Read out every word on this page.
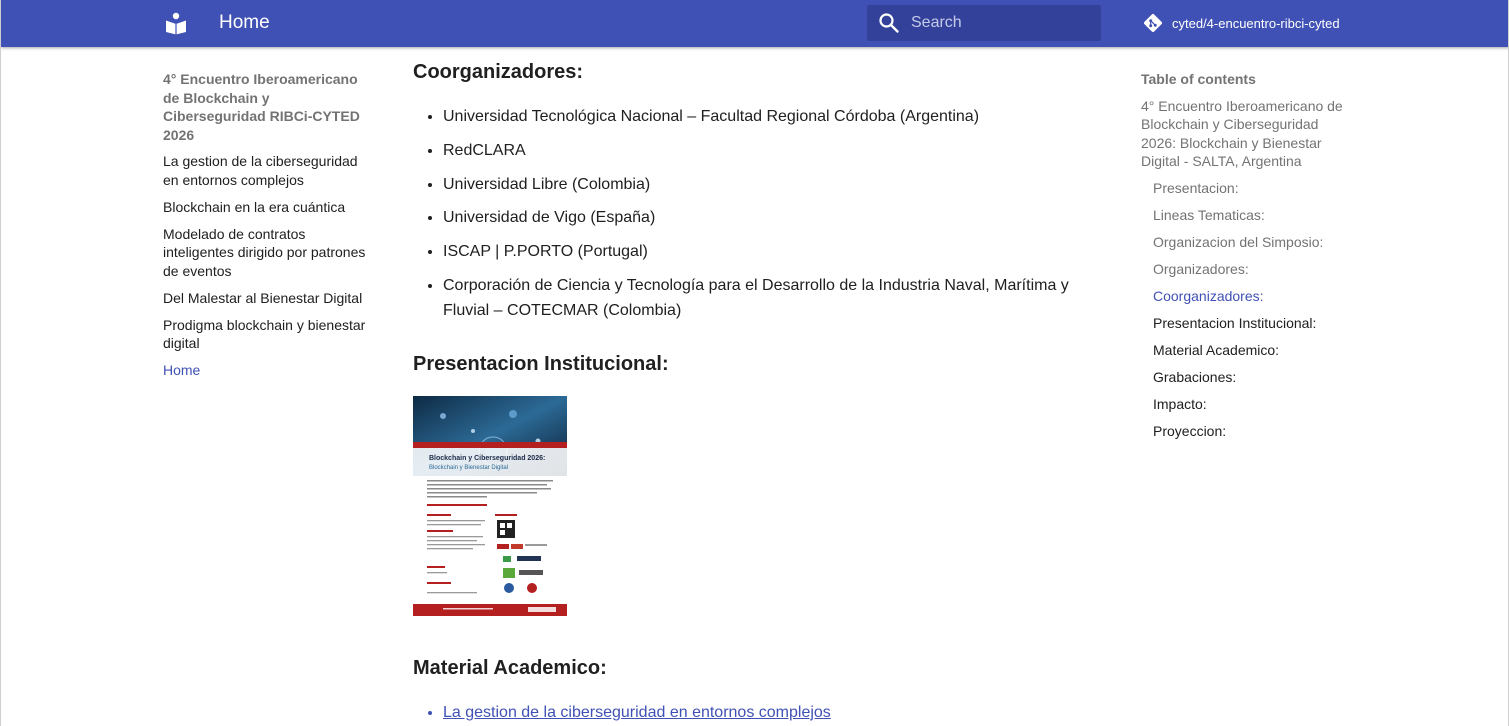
Home
Search	cyted/4-encuentro-ribci-cyted
4° Encuentro Iberoamericano de Blockchain y Ciberseguridad RIBCi-CYTED 2026
La gestion de la ciberseguridad en entornos complejos
Blockchain en la era cuántica
Modelado de contratos inteligentes dirigido por patrones de eventos
Del Malestar al Bienestar Digital
Prodigma blockchain y bienestar digital
Home
Coorganizadores:
• Universidad Tecnológica Nacional – Facultad Regional Córdoba (Argentina)
• RedCLARA
• Universidad Libre (Colombia)
• Universidad de Vigo (España)
• ISCAP | P.PORTO (Portugal)
• Corporación de Ciencia y Tecnología para el Desarrollo de la Industria Naval, Marítima y Fluvial – COTECMAR (Colombia)
Presentacion Institucional:
Blockchain y Ciberseguridad 2026:
Blockchain y Bienestar Digital
Material Academico:
• La gestion de la ciberseguridad en entornos complejos
Table of contents
4° Encuentro Iberoamericano de Blockchain y Ciberseguridad 2026: Blockchain y Bienestar Digital - SALTA, Argentina
Presentacion:
Lineas Tematicas:
Organizacion del Simposio:
Organizadores:
Coorganizadores:
Presentacion Institucional:
Material Academico:
Grabaciones:
Impacto:
Proyeccion:
